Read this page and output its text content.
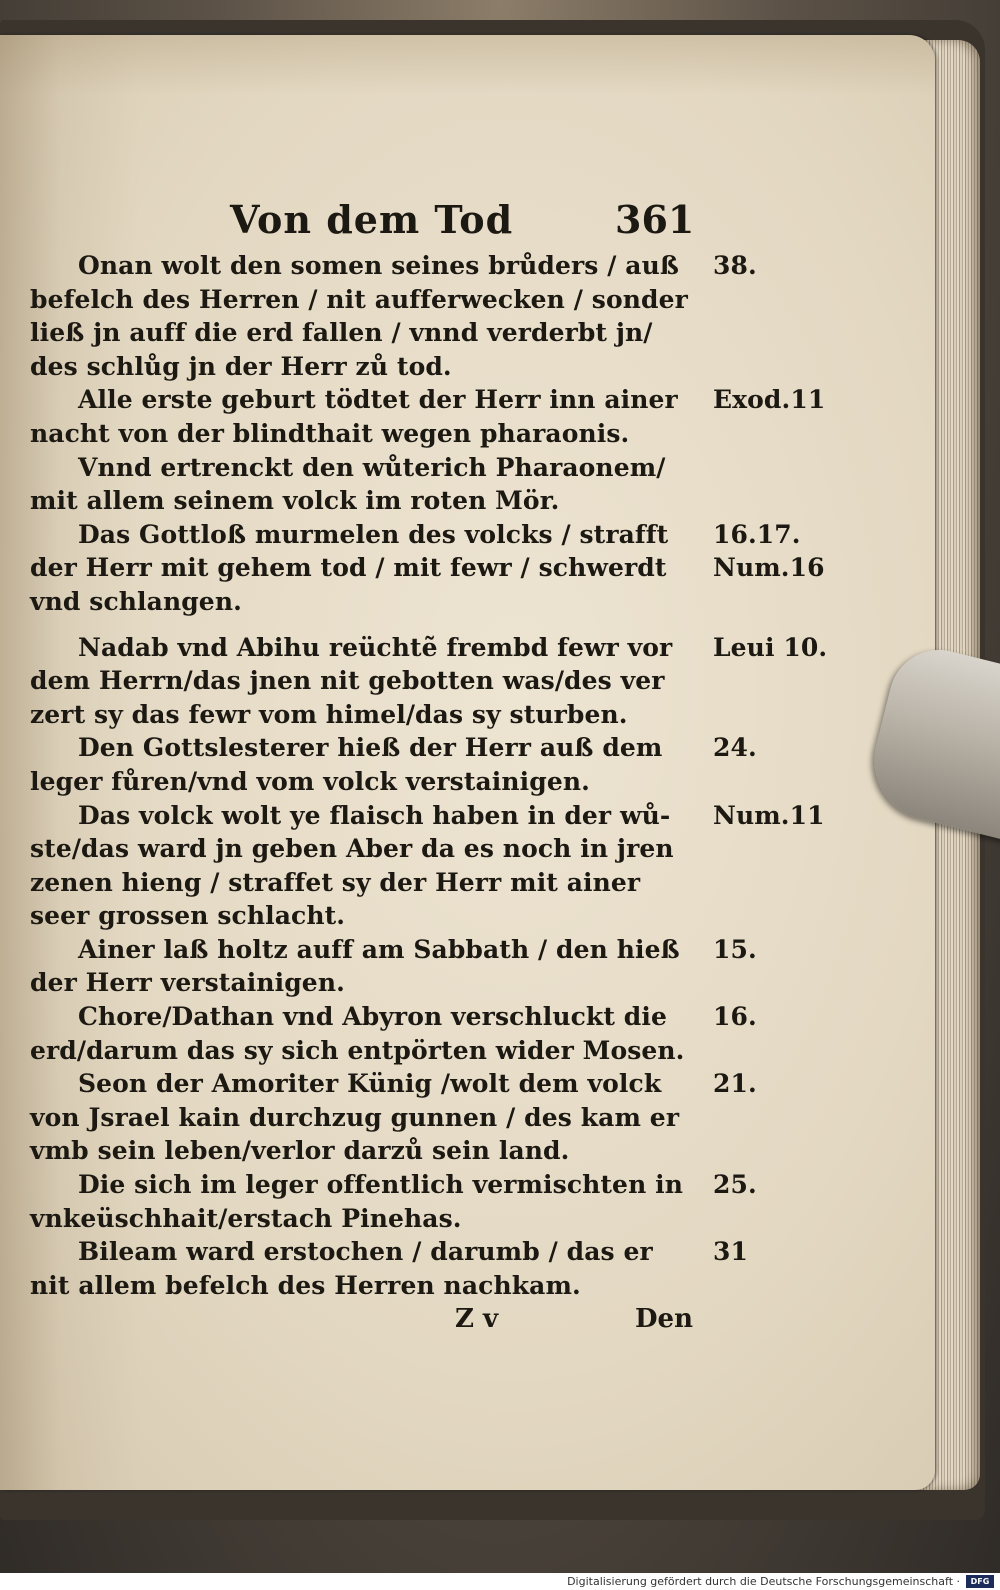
Von dem Tod	361
Onan wolt den somen seines brůders / auß 38.
befelch des Herren / nit aufferwecken / sonder
ließ jn auff die erd fallen / vnnd verderbt jn/
des schlůg jn der Herr zů tod.
Alle erste geburt tödtet der Herr inn ainer Exod.11
nacht von der blindthait wegen pharaonis.
Vnnd ertrenckt den wůterich Pharaonem/
mit allem seinem volck im roten Mör.
Das Gottloß murmelen des volcks / strafft 16.17.
der Herr mit gehem tod / mit fewr / schwerdt Num.16
vnd schlangen.
Nadab vnd Abihu reüchtẽ frembd fewr vor Leui 10.
dem Herrn/das jnen nit gebotten was/des ver
zert sy das fewr vom himel/das sy sturben.
Den Gottslesterer hieß der Herr auß dem 24.
leger fůren/vnd vom volck verstainigen.
Das volck wolt ye flaisch haben in der wů- Num.11
ste/das ward jn geben Aber da es noch in jren
zenen hieng / straffet sy der Herr mit ainer
seer grossen schlacht.
Ainer laß holtz auff am Sabbath / den hieß 15.
der Herr verstainigen.
Chore/Dathan vnd Abyron verschluckt die 16.
erd/darum das sy sich entpörten wider Mosen.
Seon der Amoriter Künig /wolt dem volck 21.
von Jsrael kain durchzug gunnen / des kam er
vmb sein leben/verlor darzů sein land.
Die sich im leger offentlich vermischten in 25.
vnkeüschhait/erstach Pinehas.
Bileam ward erstochen / darumb / das er 31
nit allem befelch des Herren nachkam.
Z v	Den
Digitalisierung gefördert durch die Deutsche Forschungsgemeinschaft ·	DFG
